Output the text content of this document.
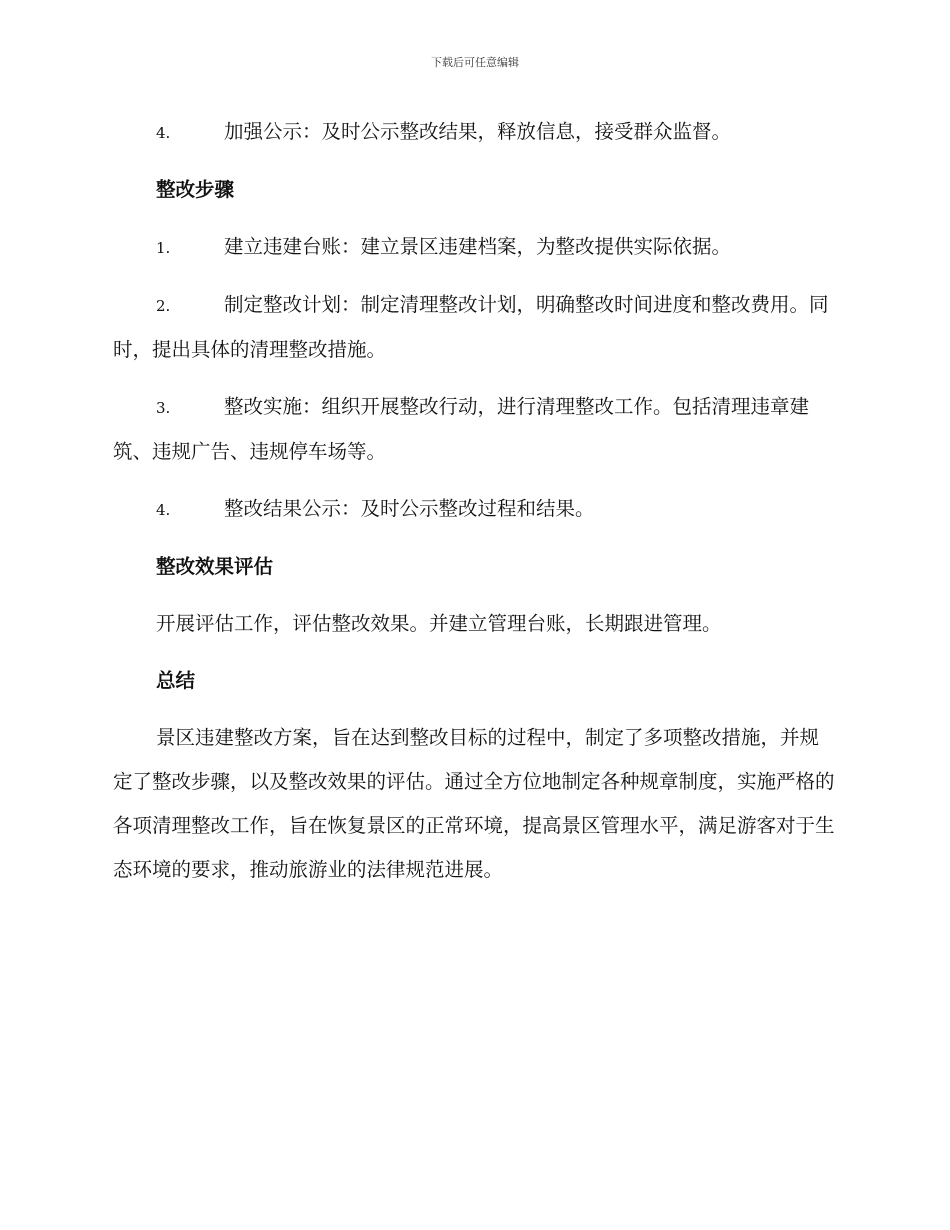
下载后可任意编辑

4.	加强公示：及时公示整改结果，释放信息，接受群众监督。

整改步骤

1.	建立违建台账：建立景区违建档案，为整改提供实际依据。

2.	制定整改计划：制定清理整改计划，明确整改时间进度和整改费用。同时，提出具体的清理整改措施。

3.	整改实施：组织开展整改行动，进行清理整改工作。包括清理违章建筑、违规广告、违规停车场等。

4.	整改结果公示：及时公示整改过程和结果。

整改效果评估

开展评估工作，评估整改效果。并建立管理台账，长期跟进管理。

总结

景区违建整改方案，旨在达到整改目标的过程中，制定了多项整改措施，并规定了整改步骤，以及整改效果的评估。通过全方位地制定各种规章制度，实施严格的各项清理整改工作，旨在恢复景区的正常环境，提高景区管理水平，满足游客对于生态环境的要求，推动旅游业的法律规范进展。
